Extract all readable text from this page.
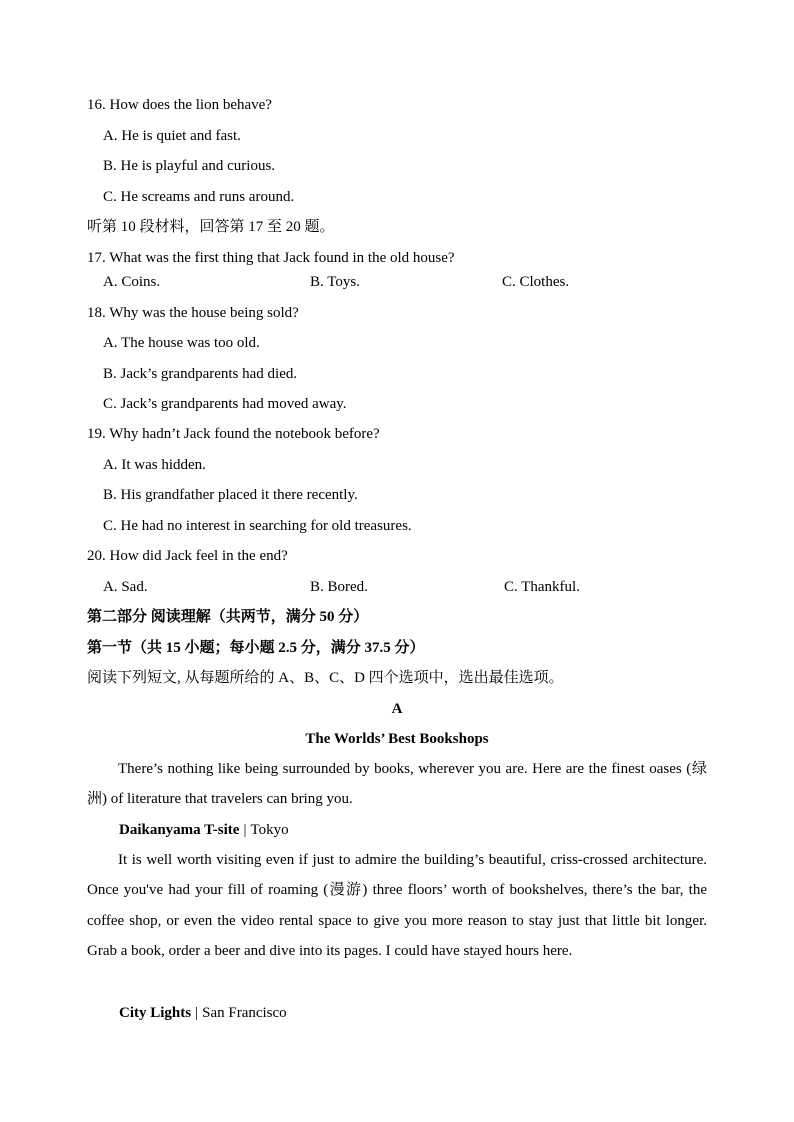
16. How does the lion behave?
A. He is quiet and fast.
B. He is playful and curious.
C. He screams and runs around.
听第 10 段材料，回答第 17 至 20 题。
17. What was the first thing that Jack found in the old house?
A. Coins.	B. Toys.	C. Clothes.
18. Why was the house being sold?
A. The house was too old.
B. Jack’s grandparents had died.
C. Jack’s grandparents had moved away.
19. Why hadn’t Jack found the notebook before?
A. It was hidden.
B. His grandfather placed it there recently.
C. He had no interest in searching for old treasures.
20. How did Jack feel in the end?
A. Sad.	B. Bored.	C. Thankful.
第二部分 阅读理解（共两节，满分 50 分）
第一节（共 15 小题；每小题 2.5 分，满分 37.5 分）
阅读下列短文, 从每题所给的 A、B、C、D 四个选项中，选出最佳选项。
A
The Worlds’ Best Bookshops
There’s nothing like being surrounded by books, wherever you are. Here are the finest oases (绿洲) of literature that travelers can bring you.
Daikanyama T-site | Tokyo
It is well worth visiting even if just to admire the building’s beautiful, criss-crossed architecture. Once you've had your fill of roaming (漫游) three floors’ worth of bookshelves, there’s the bar, the coffee shop, or even the video rental space to give you more reason to stay just that little bit longer. Grab a book, order a beer and dive into its pages. I could have stayed hours here.
City Lights | San Francisco
